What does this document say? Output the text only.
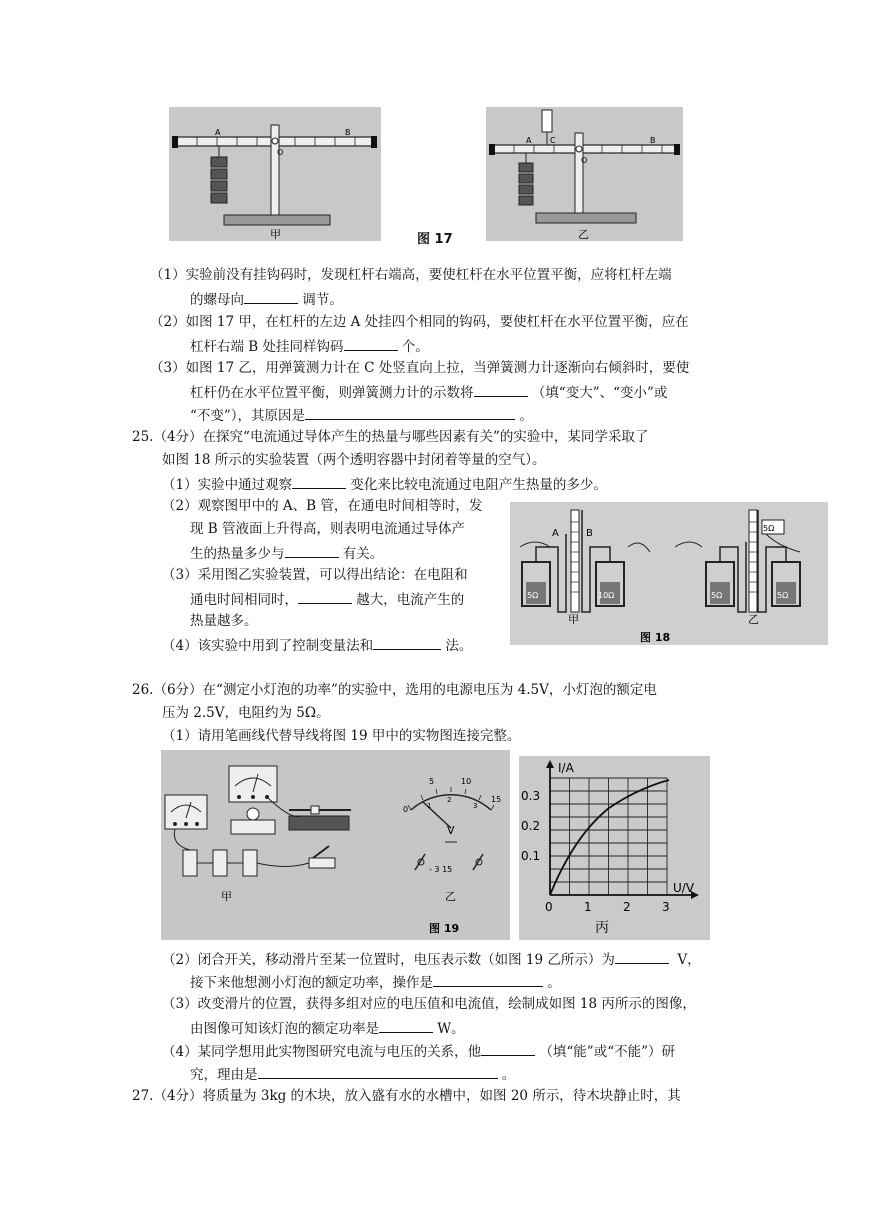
A	B
O
甲	图 17
A C	B
O
乙
（1）实验前没有挂钩码时，发现杠杆右端高，要使杠杆在水平位置平衡，应将杠杆左端
的螺母向	调节。
（2）如图 17 甲，在杠杆的左边 A 处挂四个相同的钩码，要使杠杆在水平位置平衡，应在
杠杆右端 B 处挂同样钩码	个。
（3）如图 17 乙，用弹簧测力计在 C 处竖直向上拉，当弹簧测力计逐渐向右倾斜时，要使
杠杆仍在水平位置平衡，则弹簧测力计的示数将	（填“变大”、“变小”或
“不变”），其原因是	。
25.（4分）在探究“电流通过导体产生的热量与哪些因素有关”的实验中，某同学采取了
如图 18 所示的实验装置（两个透明容器中封闭着等量的空气）。
（1）实验中通过观察	变化来比较电流通过电阻产生热量的多少。
（2）观察图甲中的 A、B 管，在通电时间相等时，发
现 B 管液面上升得高，则表明电流通过导体产
生的热量多少与	有关。
（3）采用图乙实验装置，可以得出结论：在电阻和
通电时间相同时，	越大，电流产生的
热量越多。
（4）该实验中用到了控制变量法和	法。
A	B
5Ω	10Ω
甲
5Ω
5Ω	5Ω
乙
图 18
26.（6分）在“测定小灯泡的功率”的实验中，选用的电源电压为 4.5V，小灯泡的额定电
压为 2.5V，电阻约为 5Ω。
（1）请用笔画线代替导线将图 19 甲中的实物图连接完整。
甲
0
5	10
15
1
2
3
V
- 3 15
乙
图 19
I/A
U/V
0.3
0.2
0.1
0	1	2	3
丙
（2）闭合开关，移动滑片至某一位置时，电压表示数（如图 19 乙所示）为	V，
接下来他想测小灯泡的额定功率，操作是	。
（3）改变滑片的位置，获得多组对应的电压值和电流值，绘制成如图 18 丙所示的图像，
由图像可知该灯泡的额定功率是	W。
（4）某同学想用此实物图研究电流与电压的关系，他	（填“能”或“不能”）研
究，理由是	。
27.（4分）将质量为 3kg 的木块，放入盛有水的水槽中，如图 20 所示，待木块静止时，其
